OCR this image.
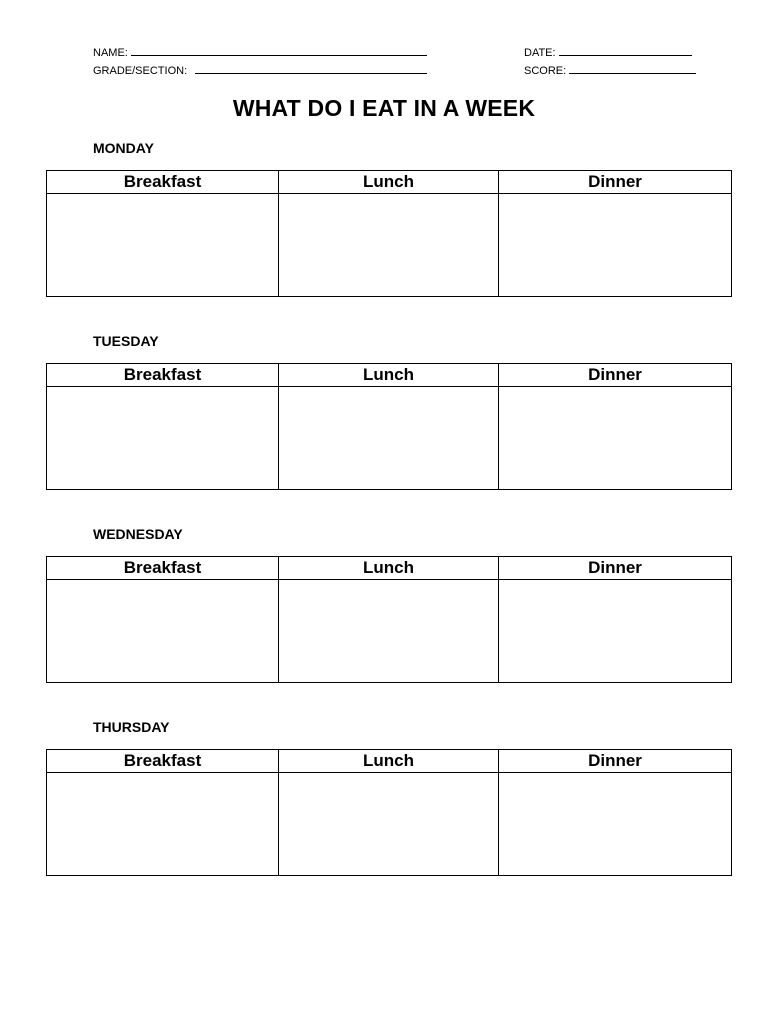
NAME:
GRADE/SECTION:
DATE:
SCORE:
WHAT DO I EAT IN A WEEK
MONDAY
Breakfast	Lunch	Dinner

TUESDAY
Breakfast	Lunch	Dinner

WEDNESDAY
Breakfast	Lunch	Dinner

THURSDAY
Breakfast	Lunch	Dinner
